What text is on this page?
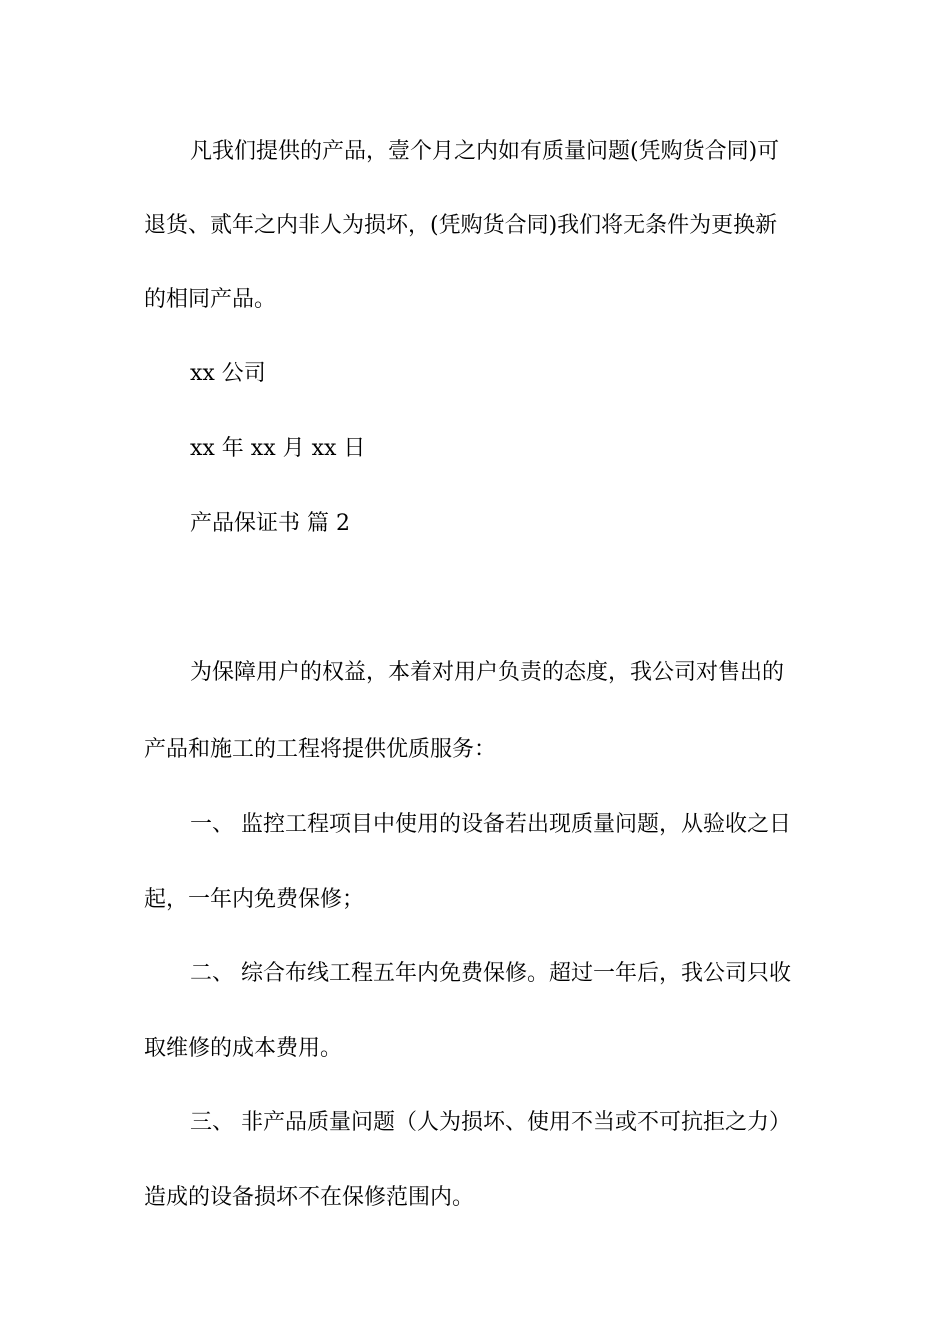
凡我们提供的产品，壹个月之内如有质量问题(凭购货合同)可
退货、贰年之内非人为损坏，(凭购货合同)我们将无条件为更换新
的相同产品。
xx 公司
xx 年 xx 月 xx 日
产品保证书 篇 2
为保障用户的权益，本着对用户负责的态度，我公司对售出的
产品和施工的工程将提供优质服务：
一、 监控工程项目中使用的设备若出现质量问题，从验收之日
起，一年内免费保修；
二、 综合布线工程五年内免费保修。超过一年后，我公司只收
取维修的成本费用。
三、 非产品质量问题（人为损坏、使用不当或不可抗拒之力）
造成的设备损坏不在保修范围内。
